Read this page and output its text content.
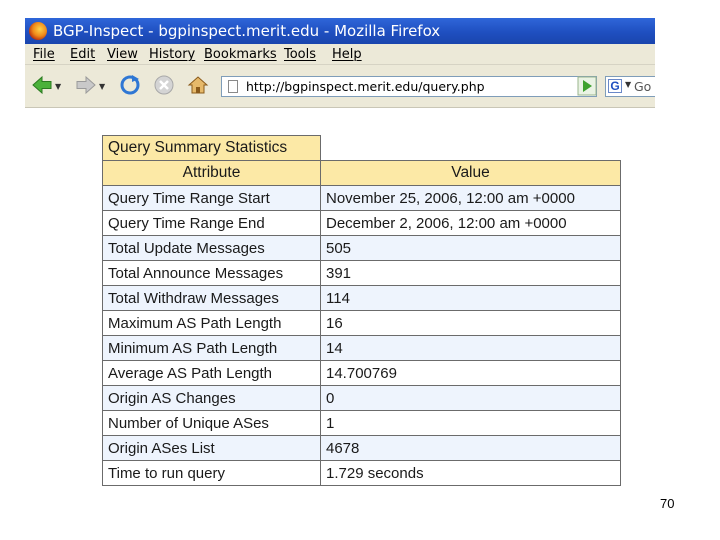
BGP-Inspect - bgpinspect.merit.edu - Mozilla Firefox
File Edit View History Bookmarks Tools Help
▼	▼	http://bgpinspect.merit.edu/query.php	G ▼ Go
Query Summary Statistics	
Attribute	Value
Query Time Range Start	November 25, 2006, 12:00 am +0000
Query Time Range End	December 2, 2006, 12:00 am +0000
Total Update Messages	505
Total Announce Messages	391
Total Withdraw Messages	114
Maximum AS Path Length	16
Minimum AS Path Length	14
Average AS Path Length	14.700769
Origin AS Changes	0
Number of Unique ASes	1
Origin ASes List	4678
Time to run query	1.729 seconds
70
